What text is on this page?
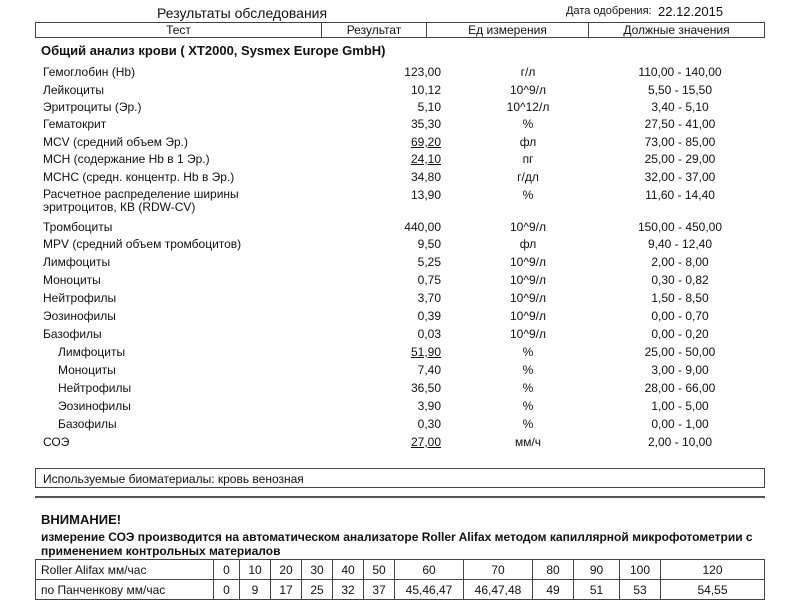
Результаты обследования	Дата одобрения: 22.12.2015
Тест	Результат	Ед измерения	Должные значения
Общий анализ крови ( XT2000, Sysmex Europe GmbH)
Гемоглобин (Hb)	123,00	г/л	110,00 - 140,00
Лейкоциты	10,12	10^9/л	5,50 - 15,50
Эритроциты (Эр.)	5,10	10^12/л	3,40 - 5,10
Гематокрит	35,30	%	27,50 - 41,00
MCV (средний объем Эр.)	69,20	фл	73,00 - 85,00
MCH (содержание Hb в 1 Эр.)	24,10	пг	25,00 - 29,00
MCHC (средн. концентр. Hb в Эр.)	34,80	г/дл	32,00 - 37,00
Расчетное распределение ширины
эритроцитов, КВ (RDW-CV)
13,90	%	11,60 - 14,40
Тромбоциты	440,00	10^9/л	150,00 - 450,00
MPV (средний объем тромбоцитов)	9,50	фл	9,40 - 12,40
Лимфоциты	5,25	10^9/л	2,00 - 8,00
Моноциты	0,75	10^9/л	0,30 - 0,82
Нейтрофилы	3,70	10^9/л	1,50 - 8,50
Эозинофилы	0,39	10^9/л	0,00 - 0,70
Базофилы	0,03	10^9/л	0,00 - 0,20
Лимфоциты	51,90	%	25,00 - 50,00
Моноциты	7,40	%	3,00 - 9,00
Нейтрофилы	36,50	%	28,00 - 66,00
Эозинофилы	3,90	%	1,00 - 5,00
Базофилы	0,30	%	0,00 - 1,00
СОЭ	27,00	мм/ч	2,00 - 10,00
Используемые биоматериалы: кровь венозная
ВНИМАНИЕ!
измерение СОЭ производится на автоматическом анализаторе Roller Alifax методом капиллярной микрофотометрии с применением контрольных материалов
Roller Alifax мм/час	0	10	20	30	40	50	60	70	80	90	100	120
по Панченкову мм/час	0	9	17	25	32	37	45,46,47	46,47,48	49	51	53	54,55
